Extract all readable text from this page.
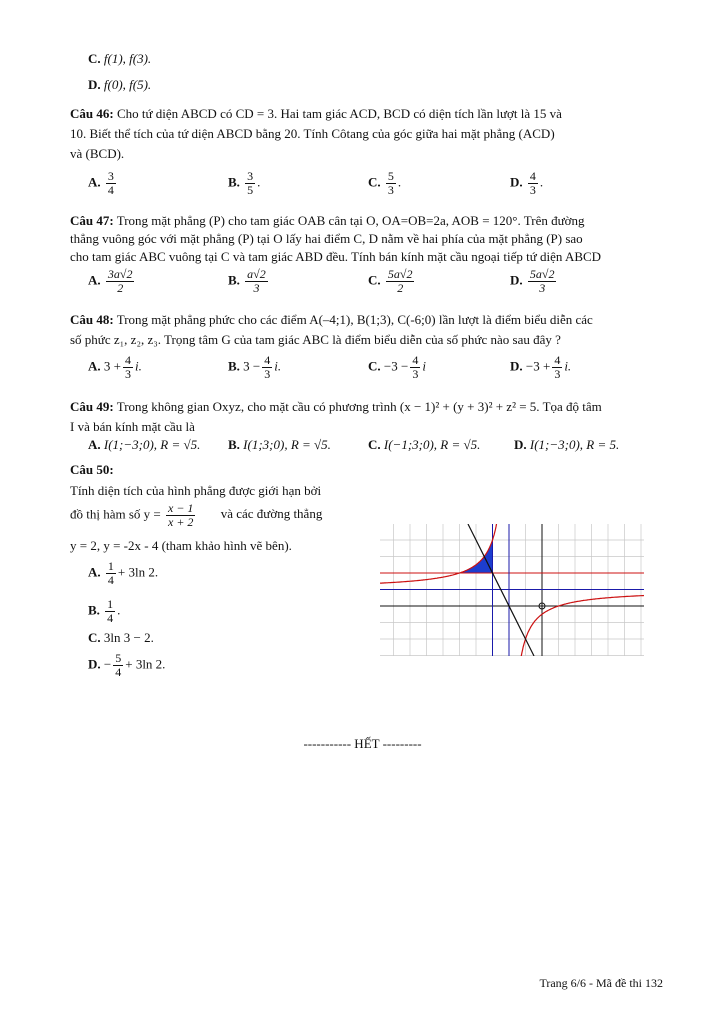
C. f(1), f(3).
D. f(0), f(5).
Câu 46: Cho tứ diện ABCD có CD = 3. Hai tam giác ACD, BCD có diện tích lần lượt là 15 và
10. Biết thể tích của tứ diện ABCD bằng 20. Tính Côtang của góc giữa hai mặt phẳng (ACD)
và (BCD).
A. $\frac{3}{4}$	B. $\frac{3}{5}$ .	C. $\frac{5}{3}$ .	D. $\frac{4}{3}$ .
Câu 47: Trong mặt phẳng (P) cho tam giác OAB cân tại O, OA=OB=2a, AOB = 120°. Trên đường
thẳng vuông góc với mặt phẳng (P) tại O lấy hai điểm C, D nằm về hai phía của mặt phẳng (P) sao
cho tam giác ABC vuông tại C và tam giác ABD đều. Tính bán kính mặt cầu ngoại tiếp tứ diện ABCD
A. $\frac{3a√2}{2}$	B. $\frac{a√2}{3}$	C. $\frac{5a√2}{2}$	D. $\frac{5a√2}{3}$
Câu 48: Trong mặt phẳng phức cho các điểm A(–4;1), B(1;3), C(-6;0) lần lượt là điểm biểu diễn các
số phức z₁, z₂, z₃. Trọng tâm G của tam giác ABC là điểm biểu diễn của số phức nào sau đây ?
A. $3 + \frac{4}{3} i$.	B. $3 - \frac{4}{3} i$.	C. $-3 - \frac{4}{3}$ i	D. $-3 + \frac{4}{3} i$.
Câu 49: Trong không gian Oxyz, cho mặt cầu có phương trình (x − 1)² + (y + 3)² + z² = 5. Tọa độ tâm
I và bán kính mặt cầu là
A. I(1;−3;0), R = √5. B. I(1;3;0), R = √5.	C. I(−1;3;0), R = √5.	D. I(1;−3;0), R = 5.
Câu 50:
Tính diện tích của hình phẳng được giới hạn bởi
đồ thị hàm số $y = \frac{x - 1}{x + 2}$ và các đường thẳng
y = 2, y = -2x - 4 (tham khảo hình vẽ bên).
A. $\frac{1}{4} + 3\ln$ 2.
B. $\frac{1}{4}$ .
C. 3ln 3 − 2.
D. − $\frac{5}{4} + 3\ln$ 2.
----------- HẾT ---------
Trang 6/6 - Mã đề thi 132
